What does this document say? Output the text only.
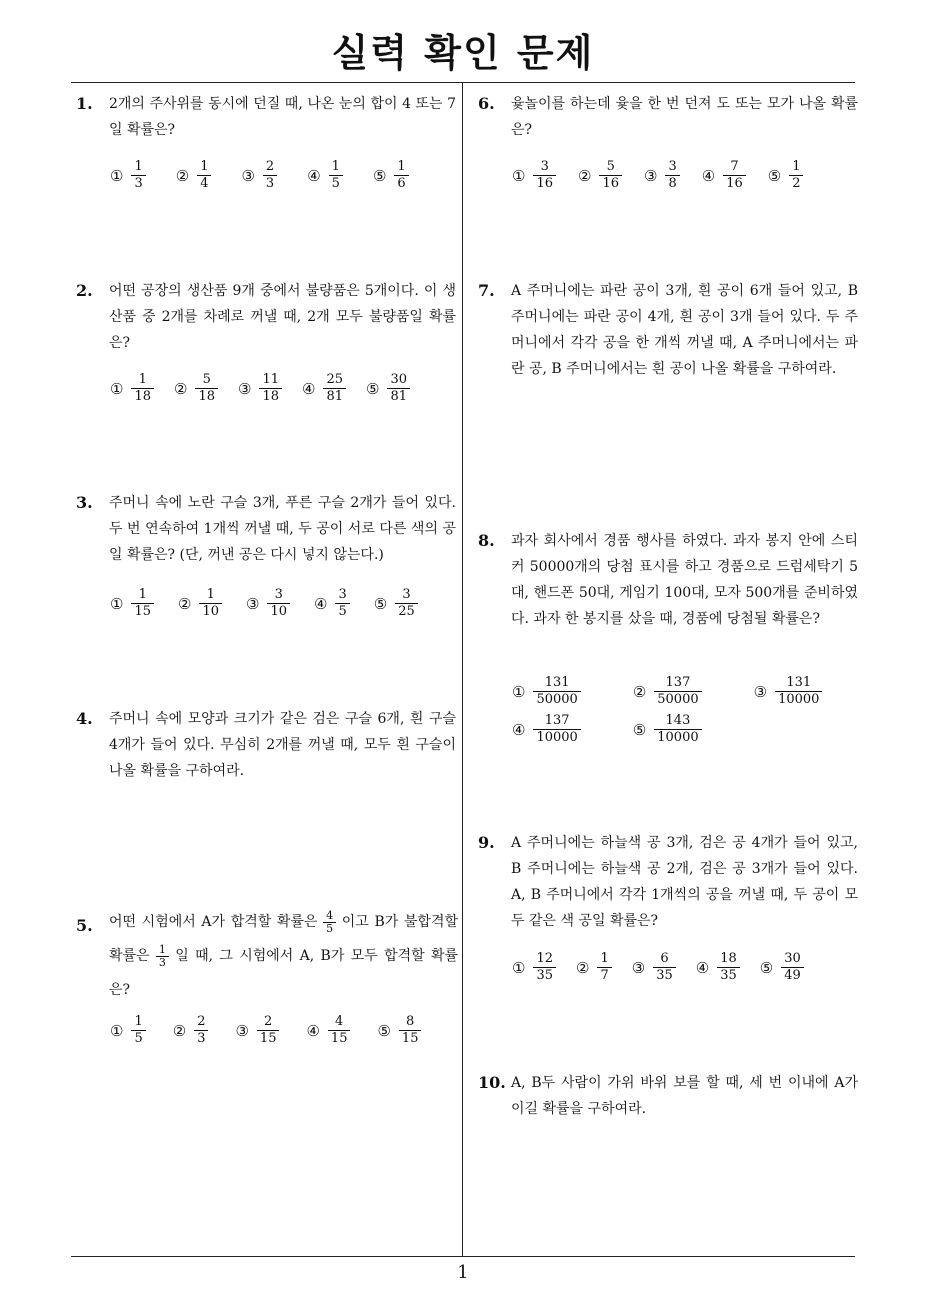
실력 확인 문제
1. 2개의 주사위를 동시에 던질 때, 나온 눈의 합이 4 또는 7일 확률은?
① $\frac{1}{3}$ ② $\frac{1}{4}$ ③ $\frac{2}{3}$ ④ $\frac{1}{5}$ ⑤ $\frac{1}{6}$
2. 어떤 공장의 생산품 9개 중에서 불량품은 5개이다. 이 생산품 중 2개를 차례로 꺼낼 때, 2개 모두 불량품일 확률은?
① $\frac{1}{18}$ ② $\frac{5}{18}$ ③ $\frac{11}{18}$ ④ $\frac{25}{81}$ ⑤ $\frac{30}{81}$
3. 주머니 속에 노란 구슬 3개, 푸른 구슬 2개가 들어 있다. 두 번 연속하여 1개씩 꺼낼 때, 두 공이 서로 다른 색의 공일 확률은? (단, 꺼낸 공은 다시 넣지 않는다.)
① $\frac{1}{15}$ ② $\frac{1}{10}$ ③ $\frac{3}{10}$ ④ $\frac{3}{5}$ ⑤ $\frac{3}{25}$
4. 주머니 속에 모양과 크기가 같은 검은 구슬 6개, 흰 구슬 4개가 들어 있다. 무심히 2개를 꺼낼 때, 모두 흰 구슬이 나올 확률을 구하여라.
5. 어떤 시험에서 A가 합격할 확률은 $\frac{4}{5}$ 이고 B가 불합격할 확률은 $\frac{1}{3}$ 일 때, 그 시험에서 A, B가 모두 합격할 확률은?
① $\frac{1}{5}$ ② $\frac{2}{3}$ ③ $\frac{2}{15}$ ④ $\frac{4}{15}$ ⑤ $\frac{8}{15}$
6. 윷놀이를 하는데 윷을 한 번 던져 도 또는 모가 나올 확률은?
① $\frac{3}{16}$ ② $\frac{5}{16}$ ③ $\frac{3}{8}$ ④ $\frac{7}{16}$ ⑤ $\frac{1}{2}$
7. A 주머니에는 파란 공이 3개, 흰 공이 6개 들어 있고, B 주머니에는 파란 공이 4개, 흰 공이 3개 들어 있다. 두 주머니에서 각각 공을 한 개씩 꺼낼 때, A 주머니에서는 파란 공, B 주머니에서는 흰 공이 나올 확률을 구하여라.
8. 과자 회사에서 경품 행사를 하였다. 과자 봉지 안에 스티커 50000개의 당첨 표시를 하고 경품으로 드럼세탁기 5대, 핸드폰 50대, 게임기 100대, 모자 500개를 준비하였다. 과자 한 봉지를 샀을 때, 경품에 당첨될 확률은?
① $\frac{131}{50000}$	② $\frac{137}{50000}$	③ $\frac{131}{10000}$
④ $\frac{137}{10000}$	⑤ $\frac{143}{10000}$
9. A 주머니에는 하늘색 공 3개, 검은 공 4개가 들어 있고, B 주머니에는 하늘색 공 2개, 검은 공 3개가 들어 있다. A, B 주머니에서 각각 1개씩의 공을 꺼낼 때, 두 공이 모두 같은 색 공일 확률은?
① $\frac{12}{35}$ ② $\frac{1}{7}$ ③ $\frac{6}{35}$ ④ $\frac{18}{35}$ ⑤ $\frac{30}{49}$
10. A, B두 사람이 가위 바위 보를 할 때, 세 번 이내에 A가 이길 확률을 구하여라.
1
